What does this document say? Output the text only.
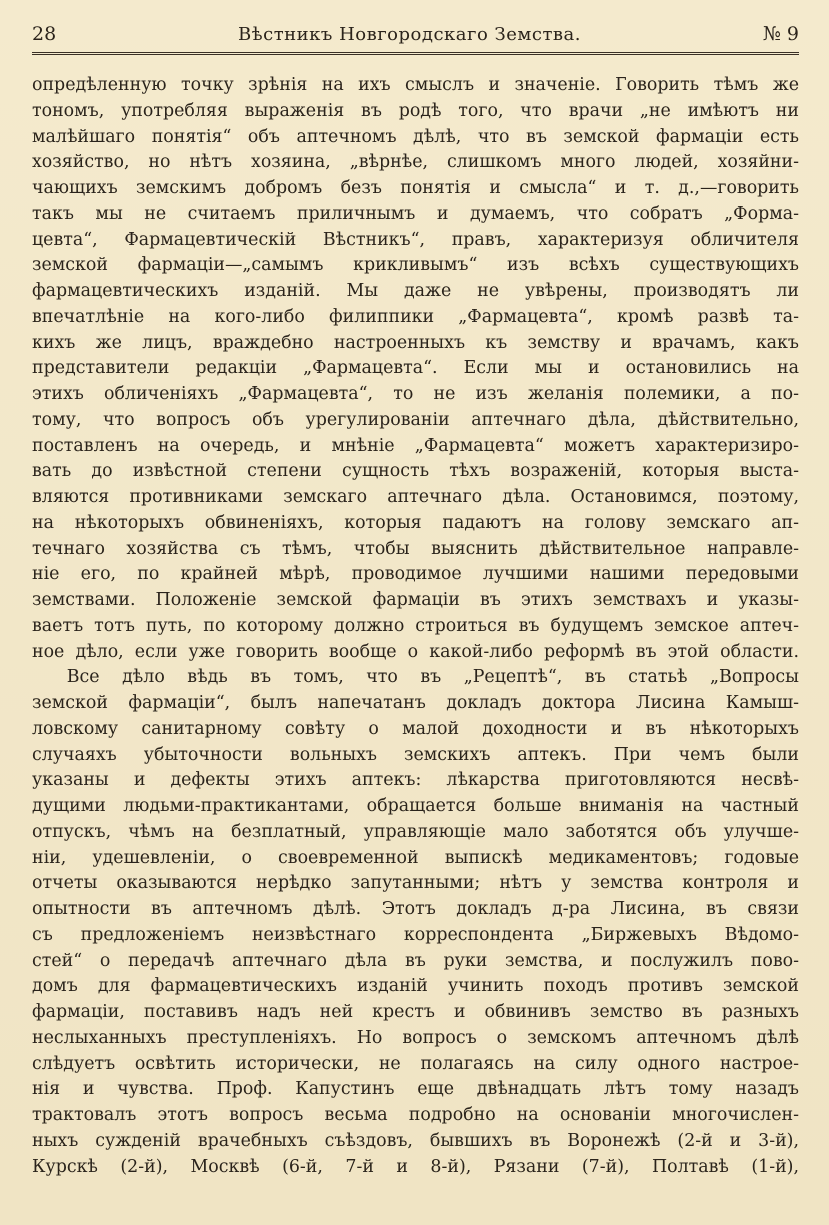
28	Вѣстникъ Новгородскаго Земства.	№ 9

опредѣленную точку зрѣнія на ихъ смыслъ и значеніе. Говорить тѣмъ же
тономъ, употребляя выраженія въ родѣ того, что врачи „не имѣютъ ни
малѣйшаго понятія“ объ аптечномъ дѣлѣ, что въ земской фармаціи есть
хозяйство, но нѣтъ хозяина, „вѣрнѣе, слишкомъ много людей, хозяйни-
чающихъ земскимъ добромъ безъ понятія и смысла“ и т. д.,—говорить
такъ мы не считаемъ приличнымъ и думаемъ, что собратъ „Форма-
цевта“, Фармацевтическій Вѣстникъ“, правъ, характеризуя обличителя
земской фармаціи—„самымъ крикливымъ“ изъ всѣхъ существующихъ
фармацевтическихъ изданій. Мы даже не увѣрены, производятъ ли
впечатлѣніе на кого-либо филиппики „Фармацевта“, кромѣ развѣ та-
кихъ же лицъ, враждебно настроенныхъ къ земству и врачамъ, какъ
представители редакціи „Фармацевта“. Если мы и остановились на
этихъ обличеніяхъ „Фармацевта“, то не изъ желанія полемики, а по-
тому, что вопросъ объ урегулированіи аптечнаго дѣла, дѣйствительно,
поставленъ на очередь, и мнѣніе „Фармацевта“ можетъ характеризиро-
вать до извѣстной степени сущность тѣхъ возраженій, которыя выста-
вляются противниками земскаго аптечнаго дѣла. Остановимся, поэтому,
на нѣкоторыхъ обвиненіяхъ, которыя падаютъ на голову земскаго ап-
течнаго хозяйства съ тѣмъ, чтобы выяснить дѣйствительное направле-
ніе его, по крайней мѣрѣ, проводимое лучшими нашими передовыми
земствами. Положеніе земской фармаціи въ этихъ земствахъ и указы-
ваетъ тотъ путь, по которому должно строиться въ будущемъ земское аптеч-
ное дѣло, если уже говорить вообще о какой-либо реформѣ въ этой области.

  Все дѣло вѣдь въ томъ, что въ „Рецептѣ“, въ статьѣ „Вопросы
земской фармаціи“, былъ напечатанъ докладъ доктора Лисина Камыш-
ловскому санитарному совѣту о малой доходности и въ нѣкоторыхъ
случаяхъ убыточности вольныхъ земскихъ аптекъ. При чемъ были
указаны и дефекты этихъ аптекъ: лѣкарства приготовляются несвѣ-
дущими людьми-практикантами, обращается больше вниманія на частный
отпускъ, чѣмъ на безплатный, управляющіе мало заботятся объ улучше-
ніи, удешевленіи, о своевременной выпискѣ медикаментовъ; годовые
отчеты оказываются нерѣдко запутанными; нѣтъ у земства контроля и
опытности въ аптечномъ дѣлѣ. Этотъ докладъ д-ра Лисина, въ связи
съ предложеніемъ неизвѣстнаго корреспондента „Биржевыхъ Вѣдомо-
стей“ о передачѣ аптечнаго дѣла въ руки земства, и послужилъ пово-
домъ для фармацевтическихъ изданій учинить походъ противъ земской
фармаціи, поставивъ надъ ней крестъ и обвинивъ земство въ разныхъ
неслыханныхъ преступленіяхъ. Но вопросъ о земскомъ аптечномъ дѣлѣ
слѣдуетъ освѣтить исторически, не полагаясь на силу одного настрое-
нія и чувства. Проф. Капустинъ еще двѣнадцать лѣтъ тому назадъ
трактовалъ этотъ вопросъ весьма подробно на основаніи многочислен-
ныхъ сужденій врачебныхъ съѣздовъ, бывшихъ въ Воронежѣ (2-й и 3-й),
Курскѣ (2-й), Москвѣ (6-й, 7-й и 8-й), Рязани (7-й), Полтавѣ (1-й),
